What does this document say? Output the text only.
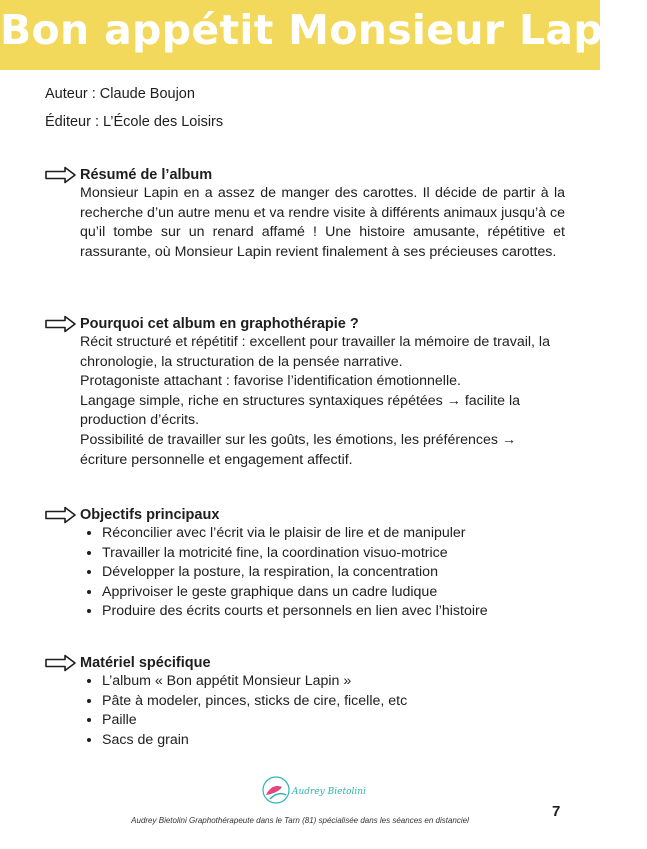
Bon appétit Monsieur Lapin
Auteur : Claude Boujon
Éditeur : L’École des Loisirs
Résumé de l’album
Monsieur Lapin en a assez de manger des carottes. Il décide de partir à la recherche d’un autre menu et va rendre visite à différents animaux jusqu’à ce qu’il tombe sur un renard affamé ! Une histoire amusante, répétitive et rassurante, où Monsieur Lapin revient finalement à ses précieuses carottes.
Pourquoi cet album en graphothérapie ?
Récit structuré et répétitif : excellent pour travailler la mémoire de travail, la chronologie, la structuration de la pensée narrative.
Protagoniste attachant : favorise l’identification émotionnelle.
Langage simple, riche en structures syntaxiques répétées → facilite la production d’écrits.
Possibilité de travailler sur les goûts, les émotions, les préférences → écriture personnelle et engagement affectif.
Objectifs principaux
• Réconcilier avec l’écrit via le plaisir de lire et de manipuler
• Travailler la motricité fine, la coordination visuo-motrice
• Développer la posture, la respiration, la concentration
• Apprivoiser le geste graphique dans un cadre ludique
• Produire des écrits courts et personnels en lien avec l’histoire
Matériel spécifique
• L’album « Bon appétit Monsieur Lapin »
• Pâte à modeler, pinces, sticks de cire, ficelle, etc
• Paille
• Sacs de grain
Audrey Bietolini
Audrey Bietolini Graphothérapeute dans le Tarn (81) spécialisée dans les séances en distanciel
7
